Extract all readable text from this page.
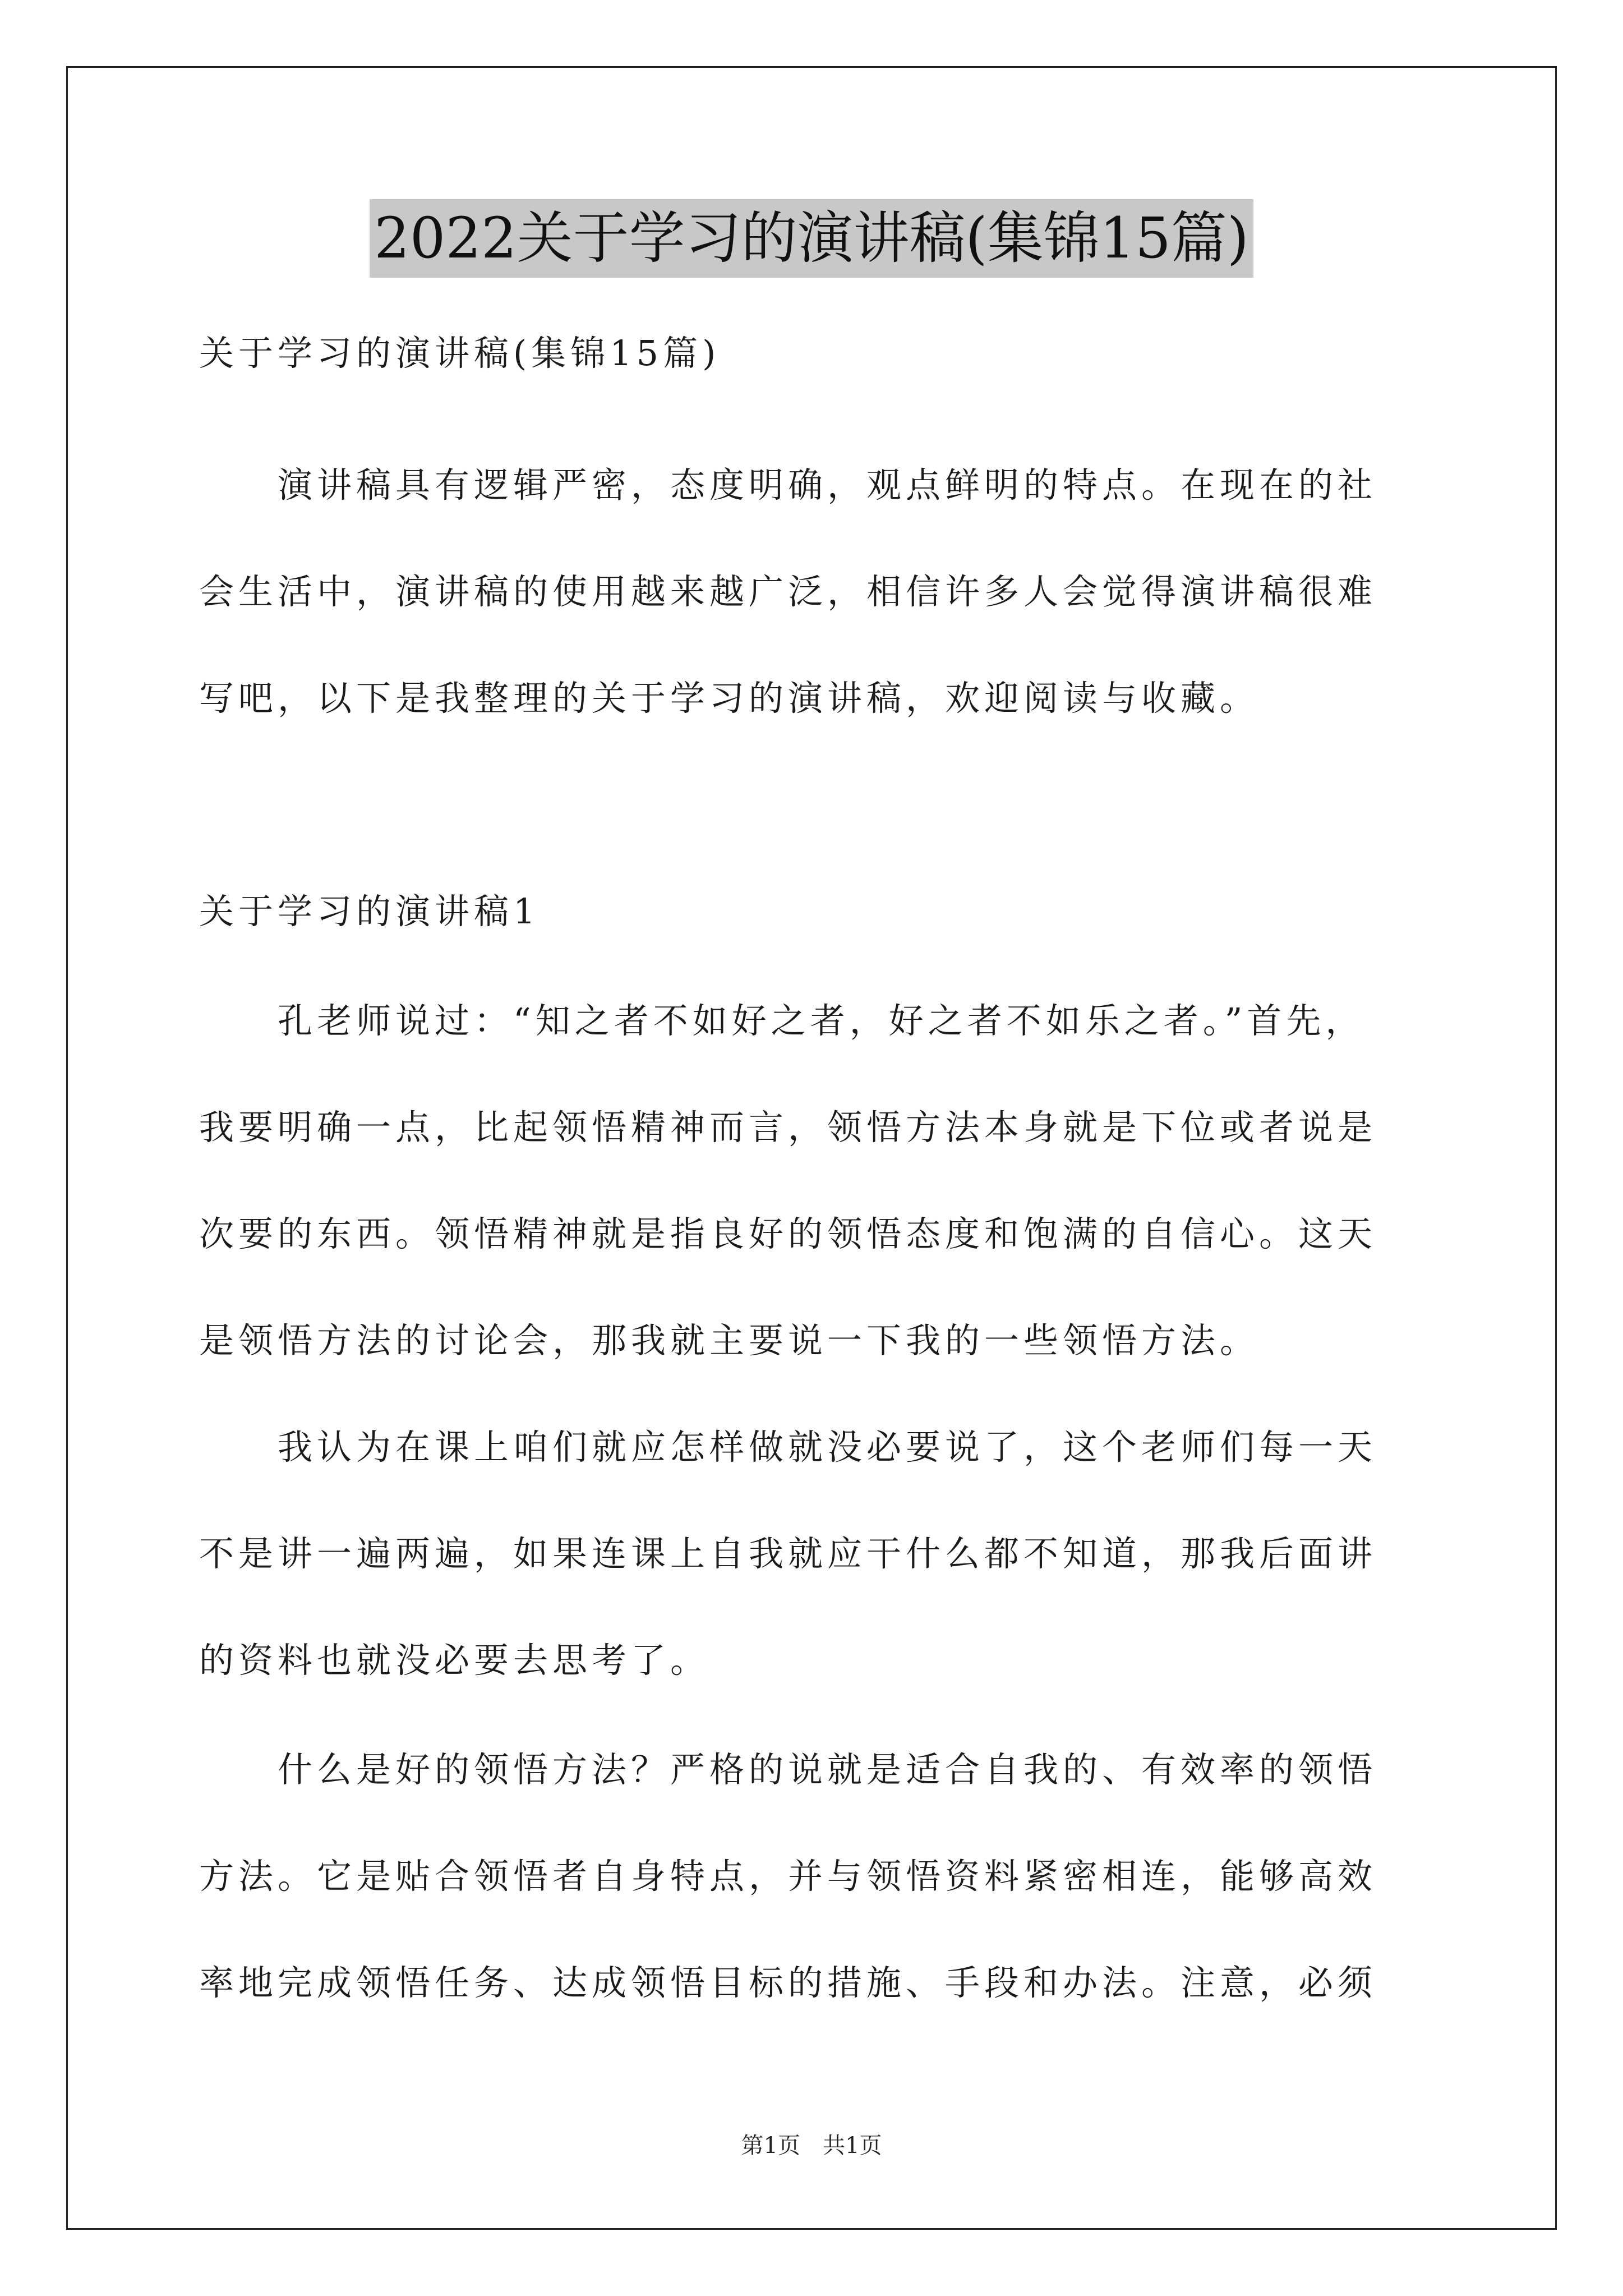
2022关于学习的演讲稿(集锦15篇)
关于学习的演讲稿(集锦15篇)
　　演讲稿具有逻辑严密，态度明确，观点鲜明的特点。在现在的社
会生活中，演讲稿的使用越来越广泛，相信许多人会觉得演讲稿很难
写吧，以下是我整理的关于学习的演讲稿，欢迎阅读与收藏。
关于学习的演讲稿1
　　孔老师说过：“知之者不如好之者，好之者不如乐之者。”首先，
我要明确一点，比起领悟精神而言，领悟方法本身就是下位或者说是
次要的东西。领悟精神就是指良好的领悟态度和饱满的自信心。这天
是领悟方法的讨论会，那我就主要说一下我的一些领悟方法。
　　我认为在课上咱们就应怎样做就没必要说了，这个老师们每一天
不是讲一遍两遍，如果连课上自我就应干什么都不知道，那我后面讲
的资料也就没必要去思考了。
　　什么是好的领悟方法？严格的说就是适合自我的、有效率的领悟
方法。它是贴合领悟者自身特点，并与领悟资料紧密相连，能够高效
率地完成领悟任务、达成领悟目标的措施、手段和办法。注意，必须
第1页　共1页
